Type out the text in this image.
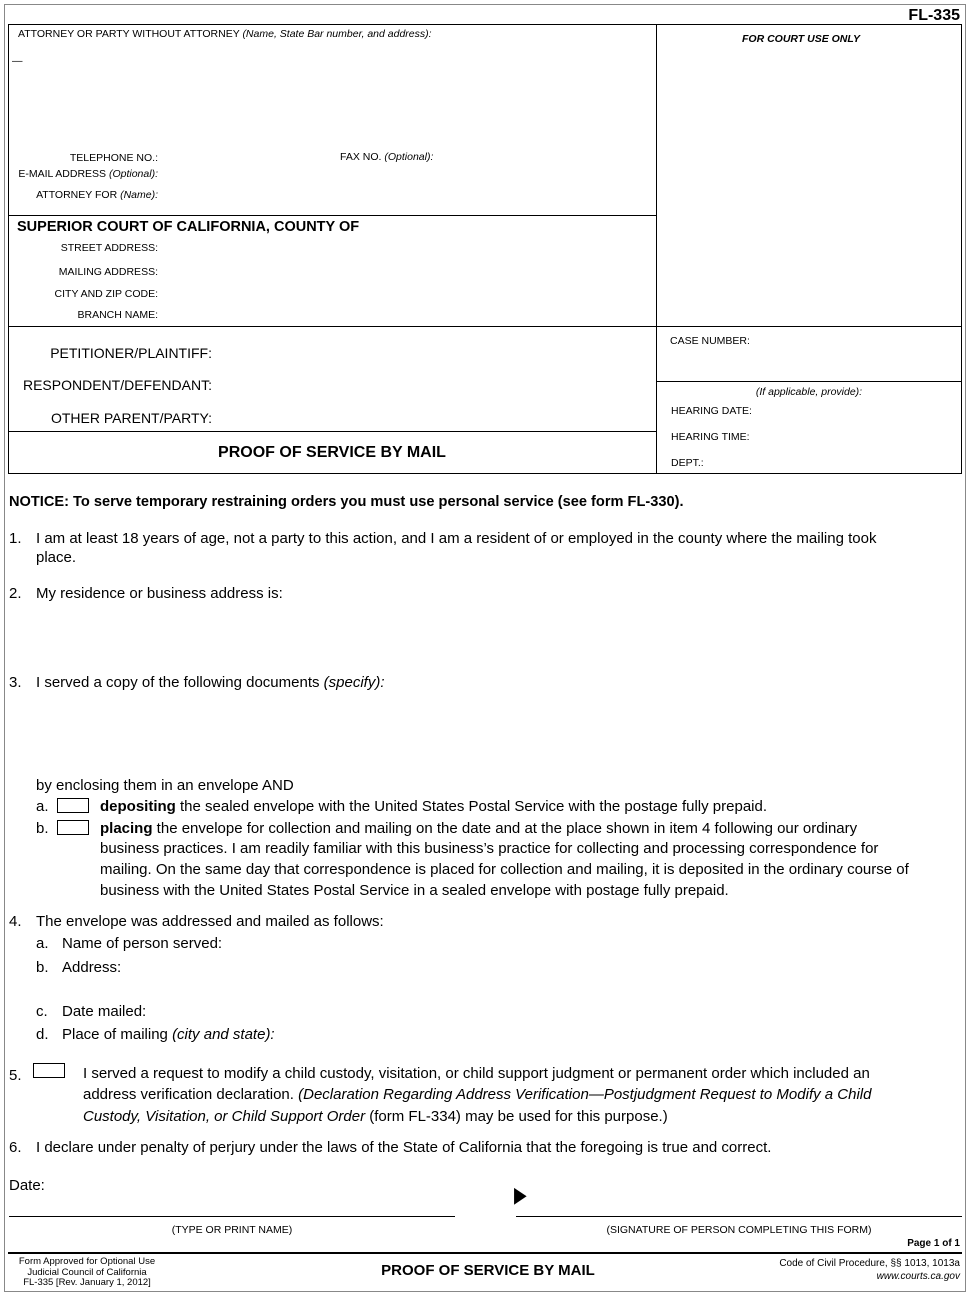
FL-335
ATTORNEY OR PARTY WITHOUT ATTORNEY (Name, State Bar number, and address):
—
FOR COURT USE ONLY
TELEPHONE NO.:	FAX NO. (Optional):
E-MAIL ADDRESS (Optional):
ATTORNEY FOR (Name):
SUPERIOR COURT OF CALIFORNIA, COUNTY OF
STREET ADDRESS:
MAILING ADDRESS:
CITY AND ZIP CODE:
BRANCH NAME:
PETITIONER/PLAINTIFF:
RESPONDENT/DEFENDANT:
OTHER PARENT/PARTY:
PROOF OF SERVICE BY MAIL
CASE NUMBER:
(If applicable, provide):
HEARING DATE:
HEARING TIME:
DEPT.:
NOTICE: To serve temporary restraining orders you must use personal service (see form FL-330).
1. I am at least 18 years of age, not a party to this action, and I am a resident of or employed in the county where the mailing took
place.
2. My residence or business address is:
3. I served a copy of the following documents (specify):
by enclosing them in an envelope AND
a.	depositing the sealed envelope with the United States Postal Service with the postage fully prepaid.
b.	placing the envelope for collection and mailing on the date and at the place shown in item 4 following our ordinary
business practices. I am readily familiar with this business’s practice for collecting and processing correspondence for
mailing. On the same day that correspondence is placed for collection and mailing, it is deposited in the ordinary course of
business with the United States Postal Service in a sealed envelope with postage fully prepaid.
4. The envelope was addressed and mailed as follows:
a. Name of person served:
b. Address:
c. Date mailed:
d. Place of mailing (city and state):
5.	I served a request to modify a child custody, visitation, or child support judgment or permanent order which included an
address verification declaration. (Declaration Regarding Address Verification—Postjudgment Request to Modify a Child
Custody, Visitation, or Child Support Order (form FL-334) may be used for this purpose.)
6. I declare under penalty of perjury under the laws of the State of California that the foregoing is true and correct.
Date:	▶
(TYPE OR PRINT NAME)	(SIGNATURE OF PERSON COMPLETING THIS FORM)
Page 1 of 1
Form Approved for Optional Use
Judicial Council of California
FL-335 [Rev. January 1, 2012]
PROOF OF SERVICE BY MAIL	Code of Civil Procedure, §§ 1013, 1013a
www.courts.ca.gov
